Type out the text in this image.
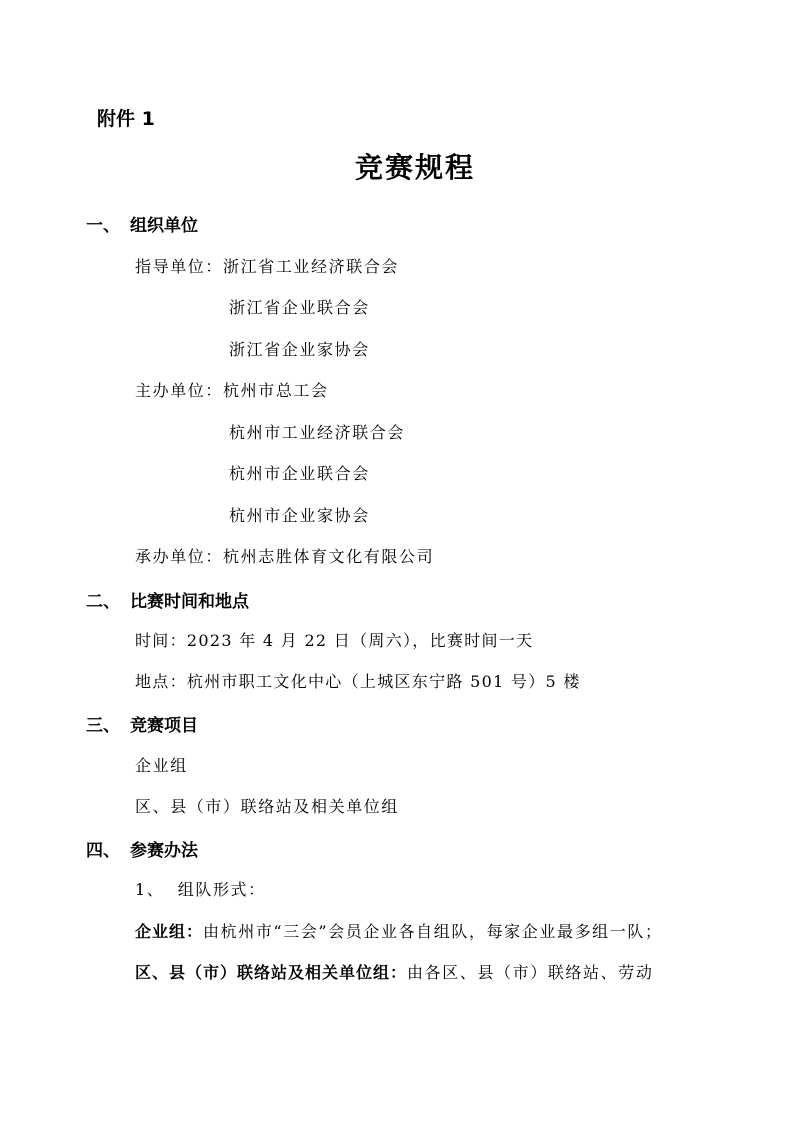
附件 1
竞赛规程
一、 组织单位
指导单位：浙江省工业经济联合会
浙江省企业联合会
浙江省企业家协会
主办单位：杭州市总工会
杭州市工业经济联合会
杭州市企业联合会
杭州市企业家协会
承办单位：杭州志胜体育文化有限公司
二、 比赛时间和地点
时间：2023 年 4 月 22 日（周六），比赛时间一天
地点：杭州市职工文化中心（上城区东宁路 501 号）5 楼
三、 竞赛项目
企业组
区、县（市）联络站及相关单位组
四、 参赛办法
1、  组队形式：
企业组：由杭州市“三会”会员企业各自组队，每家企业最多组一队；
区、县（市）联络站及相关单位组：由各区、县（市）联络站、劳动
